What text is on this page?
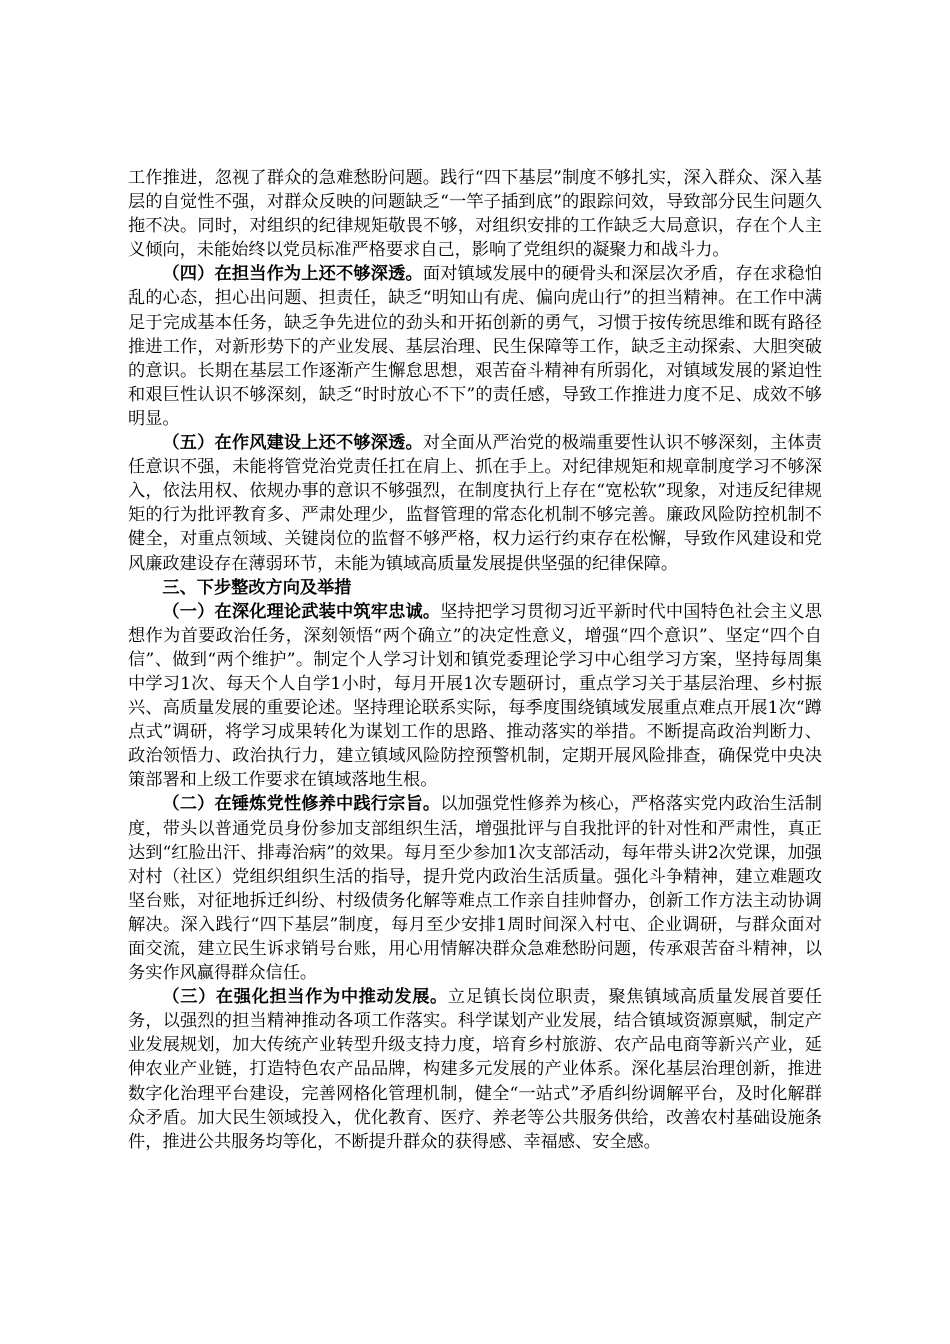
工作推进，忽视了群众的急难愁盼问题。践行“四下基层”制度不够扎实，深入群众、深入基层的自觉性不强，对群众反映的问题缺乏“一竿子插到底”的跟踪问效，导致部分民生问题久拖不决。同时，对组织的纪律规矩敬畏不够，对组织安排的工作缺乏大局意识，存在个人主义倾向，未能始终以党员标准严格要求自己，影响了党组织的凝聚力和战斗力。

（四）在担当作为上还不够深透。面对镇域发展中的硬骨头和深层次矛盾，存在求稳怕乱的心态，担心出问题、担责任，缺乏“明知山有虎、偏向虎山行”的担当精神。在工作中满足于完成基本任务，缺乏争先进位的劲头和开拓创新的勇气，习惯于按传统思维和既有路径推进工作，对新形势下的产业发展、基层治理、民生保障等工作，缺乏主动探索、大胆突破的意识。长期在基层工作逐渐产生懈怠思想，艰苦奋斗精神有所弱化，对镇域发展的紧迫性和艰巨性认识不够深刻，缺乏“时时放心不下”的责任感，导致工作推进力度不足、成效不够明显。

（五）在作风建设上还不够深透。对全面从严治党的极端重要性认识不够深刻，主体责任意识不强，未能将管党治党责任扛在肩上、抓在手上。对纪律规矩和规章制度学习不够深入，依法用权、依规办事的意识不够强烈，在制度执行上存在“宽松软”现象，对违反纪律规矩的行为批评教育多、严肃处理少，监督管理的常态化机制不够完善。廉政风险防控机制不健全，对重点领域、关键岗位的监督不够严格，权力运行约束存在松懈，导致作风建设和党风廉政建设存在薄弱环节，未能为镇域高质量发展提供坚强的纪律保障。

三、下步整改方向及举措

（一）在深化理论武装中筑牢忠诚。坚持把学习贯彻习近平新时代中国特色社会主义思想作为首要政治任务，深刻领悟“两个确立”的决定性意义，增强“四个意识”、坚定“四个自信”、做到“两个维护”。制定个人学习计划和镇党委理论学习中心组学习方案，坚持每周集中学习1次、每天个人自学1小时，每月开展1次专题研讨，重点学习关于基层治理、乡村振兴、高质量发展的重要论述。坚持理论联系实际，每季度围绕镇域发展重点难点开展1次“蹲点式”调研，将学习成果转化为谋划工作的思路、推动落实的举措。不断提高政治判断力、政治领悟力、政治执行力，建立镇域风险防控预警机制，定期开展风险排查，确保党中央决策部署和上级工作要求在镇域落地生根。

（二）在锤炼党性修养中践行宗旨。以加强党性修养为核心，严格落实党内政治生活制度，带头以普通党员身份参加支部组织生活，增强批评与自我批评的针对性和严肃性，真正达到“红脸出汗、排毒治病”的效果。每月至少参加1次支部活动，每年带头讲2次党课，加强对村（社区）党组织组织生活的指导，提升党内政治生活质量。强化斗争精神，建立难题攻坚台账，对征地拆迁纠纷、村级债务化解等难点工作亲自挂帅督办，创新工作方法主动协调解决。深入践行“四下基层”制度，每月至少安排1周时间深入村屯、企业调研，与群众面对面交流，建立民生诉求销号台账，用心用情解决群众急难愁盼问题，传承艰苦奋斗精神，以务实作风赢得群众信任。

（三）在强化担当作为中推动发展。立足镇长岗位职责，聚焦镇域高质量发展首要任务，以强烈的担当精神推动各项工作落实。科学谋划产业发展，结合镇域资源禀赋，制定产业发展规划，加大传统产业转型升级支持力度，培育乡村旅游、农产品电商等新兴产业，延伸农业产业链，打造特色农产品品牌，构建多元发展的产业体系。深化基层治理创新，推进数字化治理平台建设，完善网格化管理机制，健全“一站式”矛盾纠纷调解平台，及时化解群众矛盾。加大民生领域投入，优化教育、医疗、养老等公共服务供给，改善农村基础设施条件，推进公共服务均等化，不断提升群众的获得感、幸福感、安全感。
